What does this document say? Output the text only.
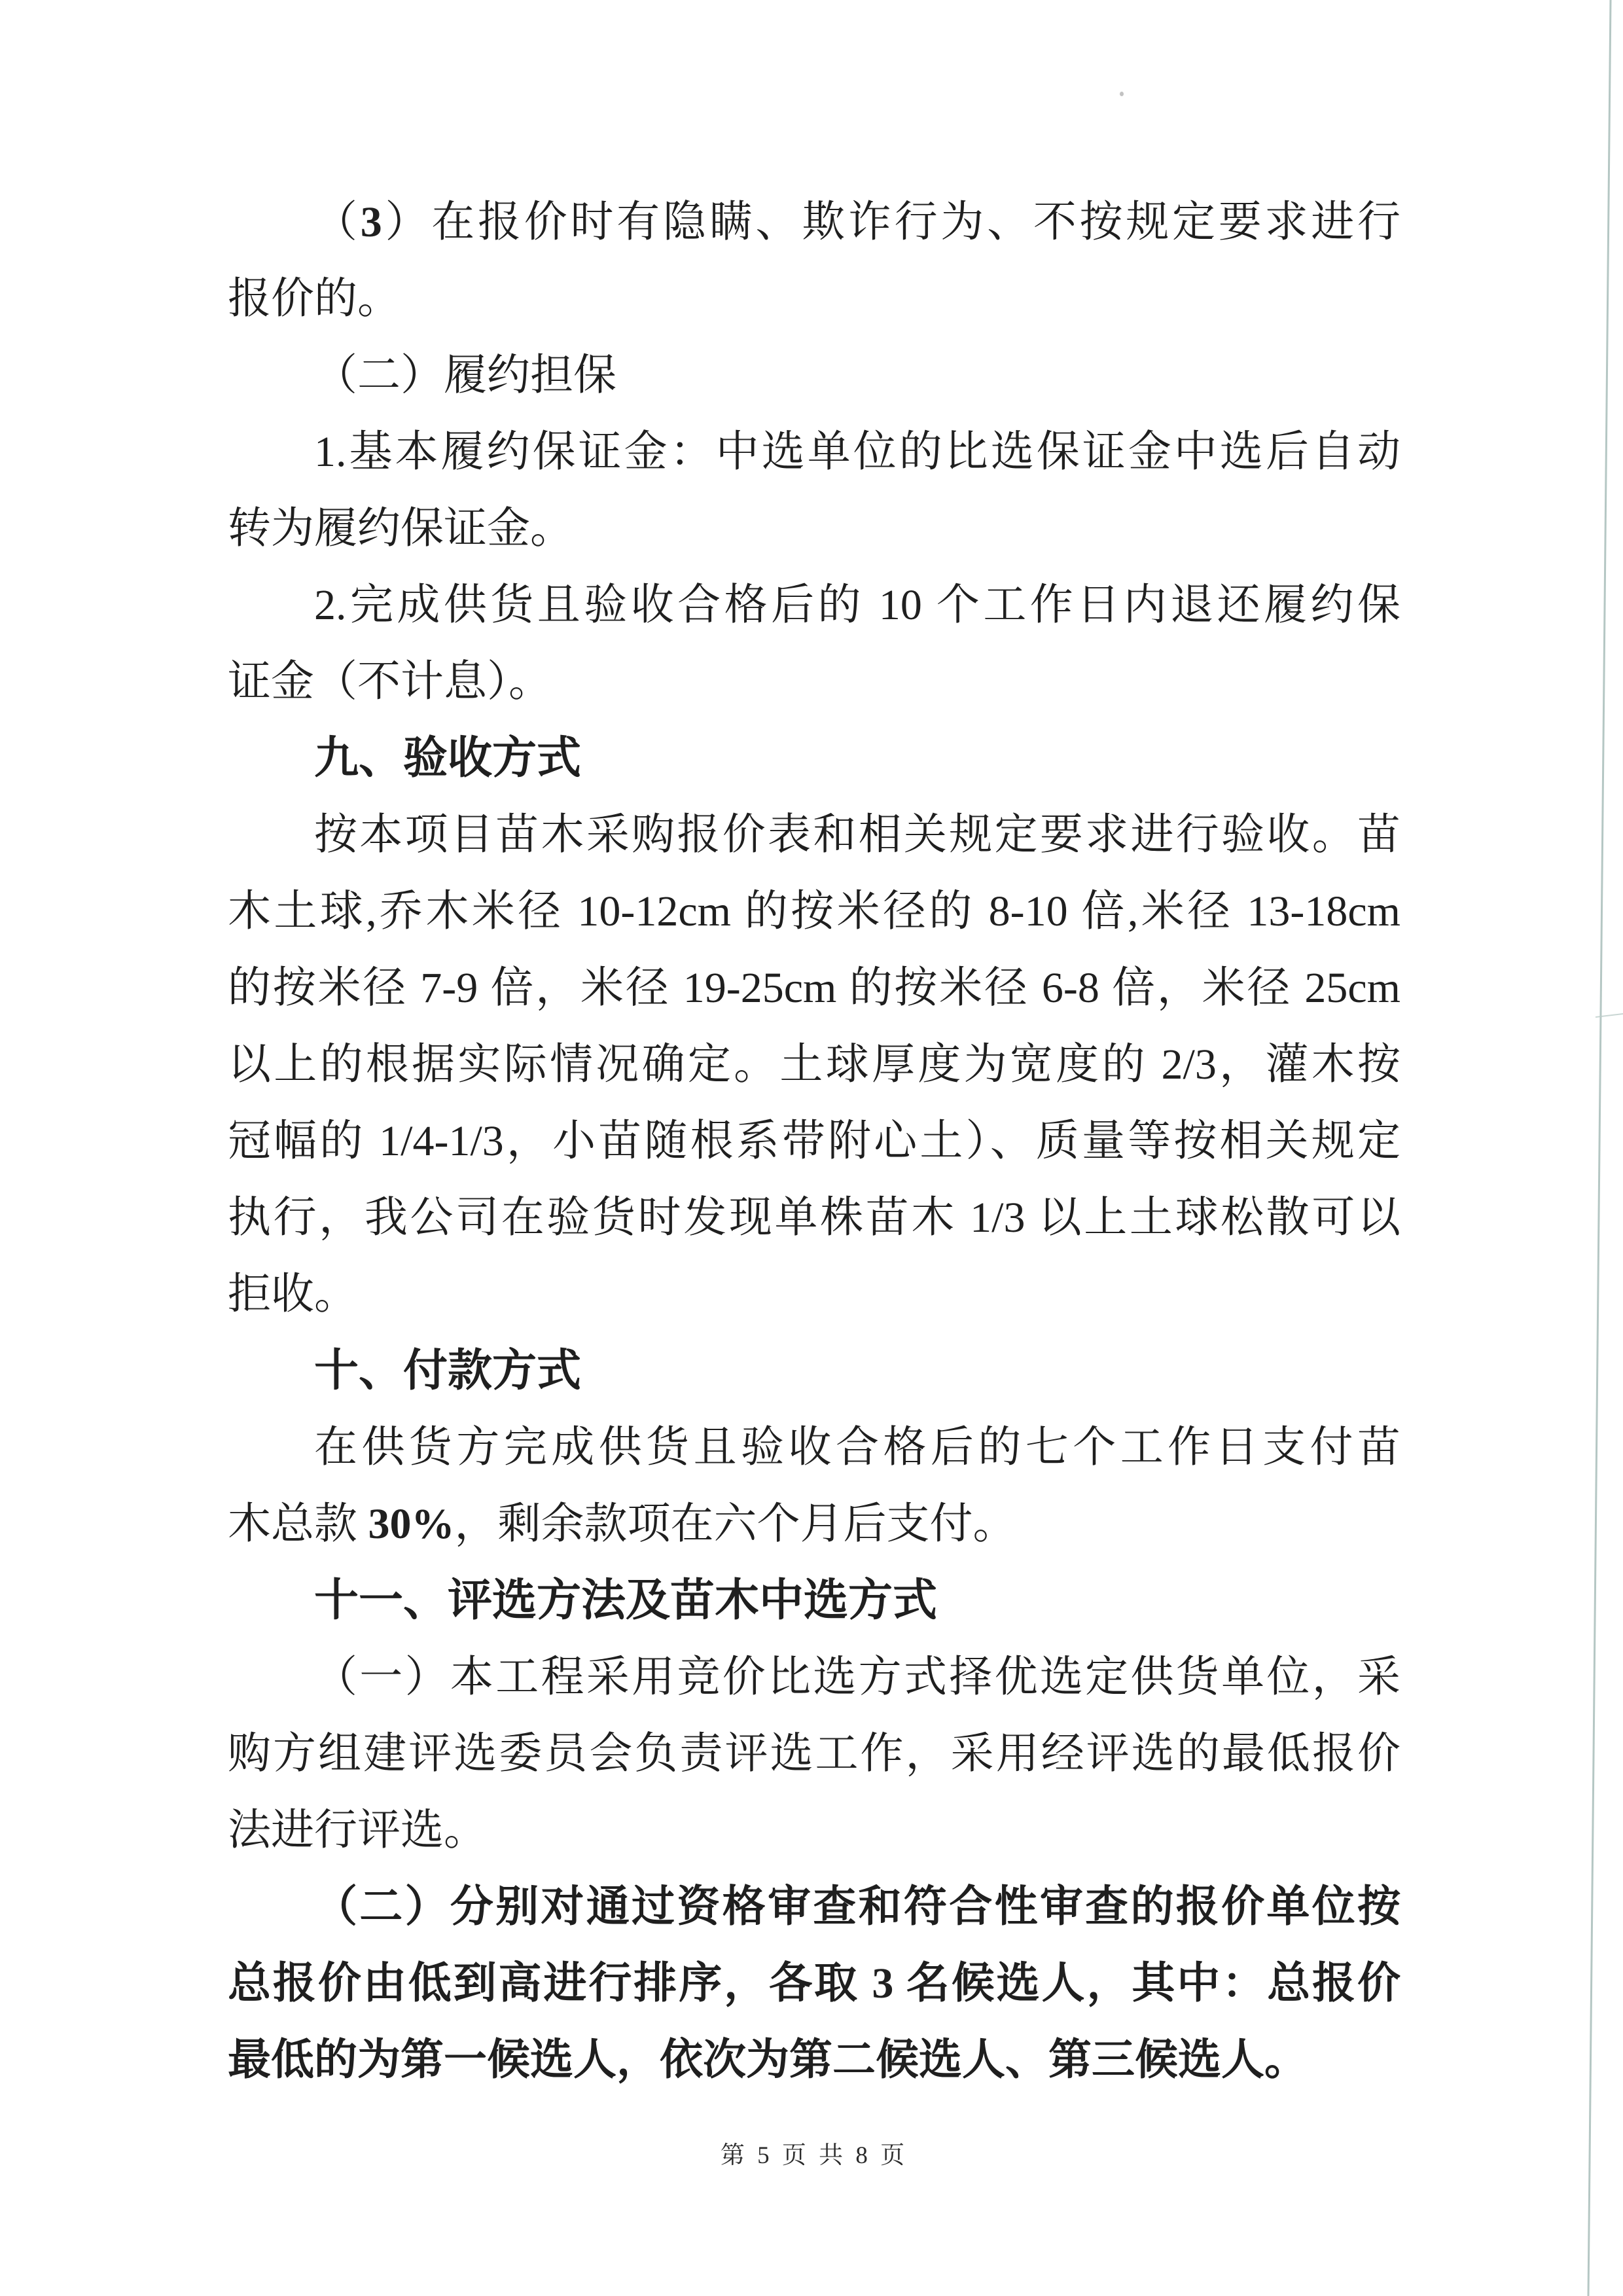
（3）在报价时有隐瞒、欺诈行为、不按规定要求进行
报价的。
（二）履约担保
1.基本履约保证金：中选单位的比选保证金中选后自动
转为履约保证金。
2.完成供货且验收合格后的 10 个工作日内退还履约保
证金（不计息）。
九、验收方式
按本项目苗木采购报价表和相关规定要求进行验收。苗
木土球,乔木米径 10-12cm 的按米径的 8-10 倍,米径 13-18cm
的按米径 7-9 倍，米径 19-25cm 的按米径 6-8 倍，米径 25cm
以上的根据实际情况确定。土球厚度为宽度的 2/3，灌木按
冠幅的 1/4-1/3，小苗随根系带附心土）、质量等按相关规定
执行，我公司在验货时发现单株苗木 1/3 以上土球松散可以
拒收。
十、付款方式
在供货方完成供货且验收合格后的七个工作日支付苗
木总款 30%，剩余款项在六个月后支付。
十一、评选方法及苗木中选方式
（一）本工程采用竞价比选方式择优选定供货单位，采
购方组建评选委员会负责评选工作，采用经评选的最低报价
法进行评选。
（二）分别对通过资格审查和符合性审查的报价单位按
总报价由低到高进行排序，各取 3 名候选人，其中：总报价
最低的为第一候选人，依次为第二候选人、第三候选人。
第 5 页 共 8 页
